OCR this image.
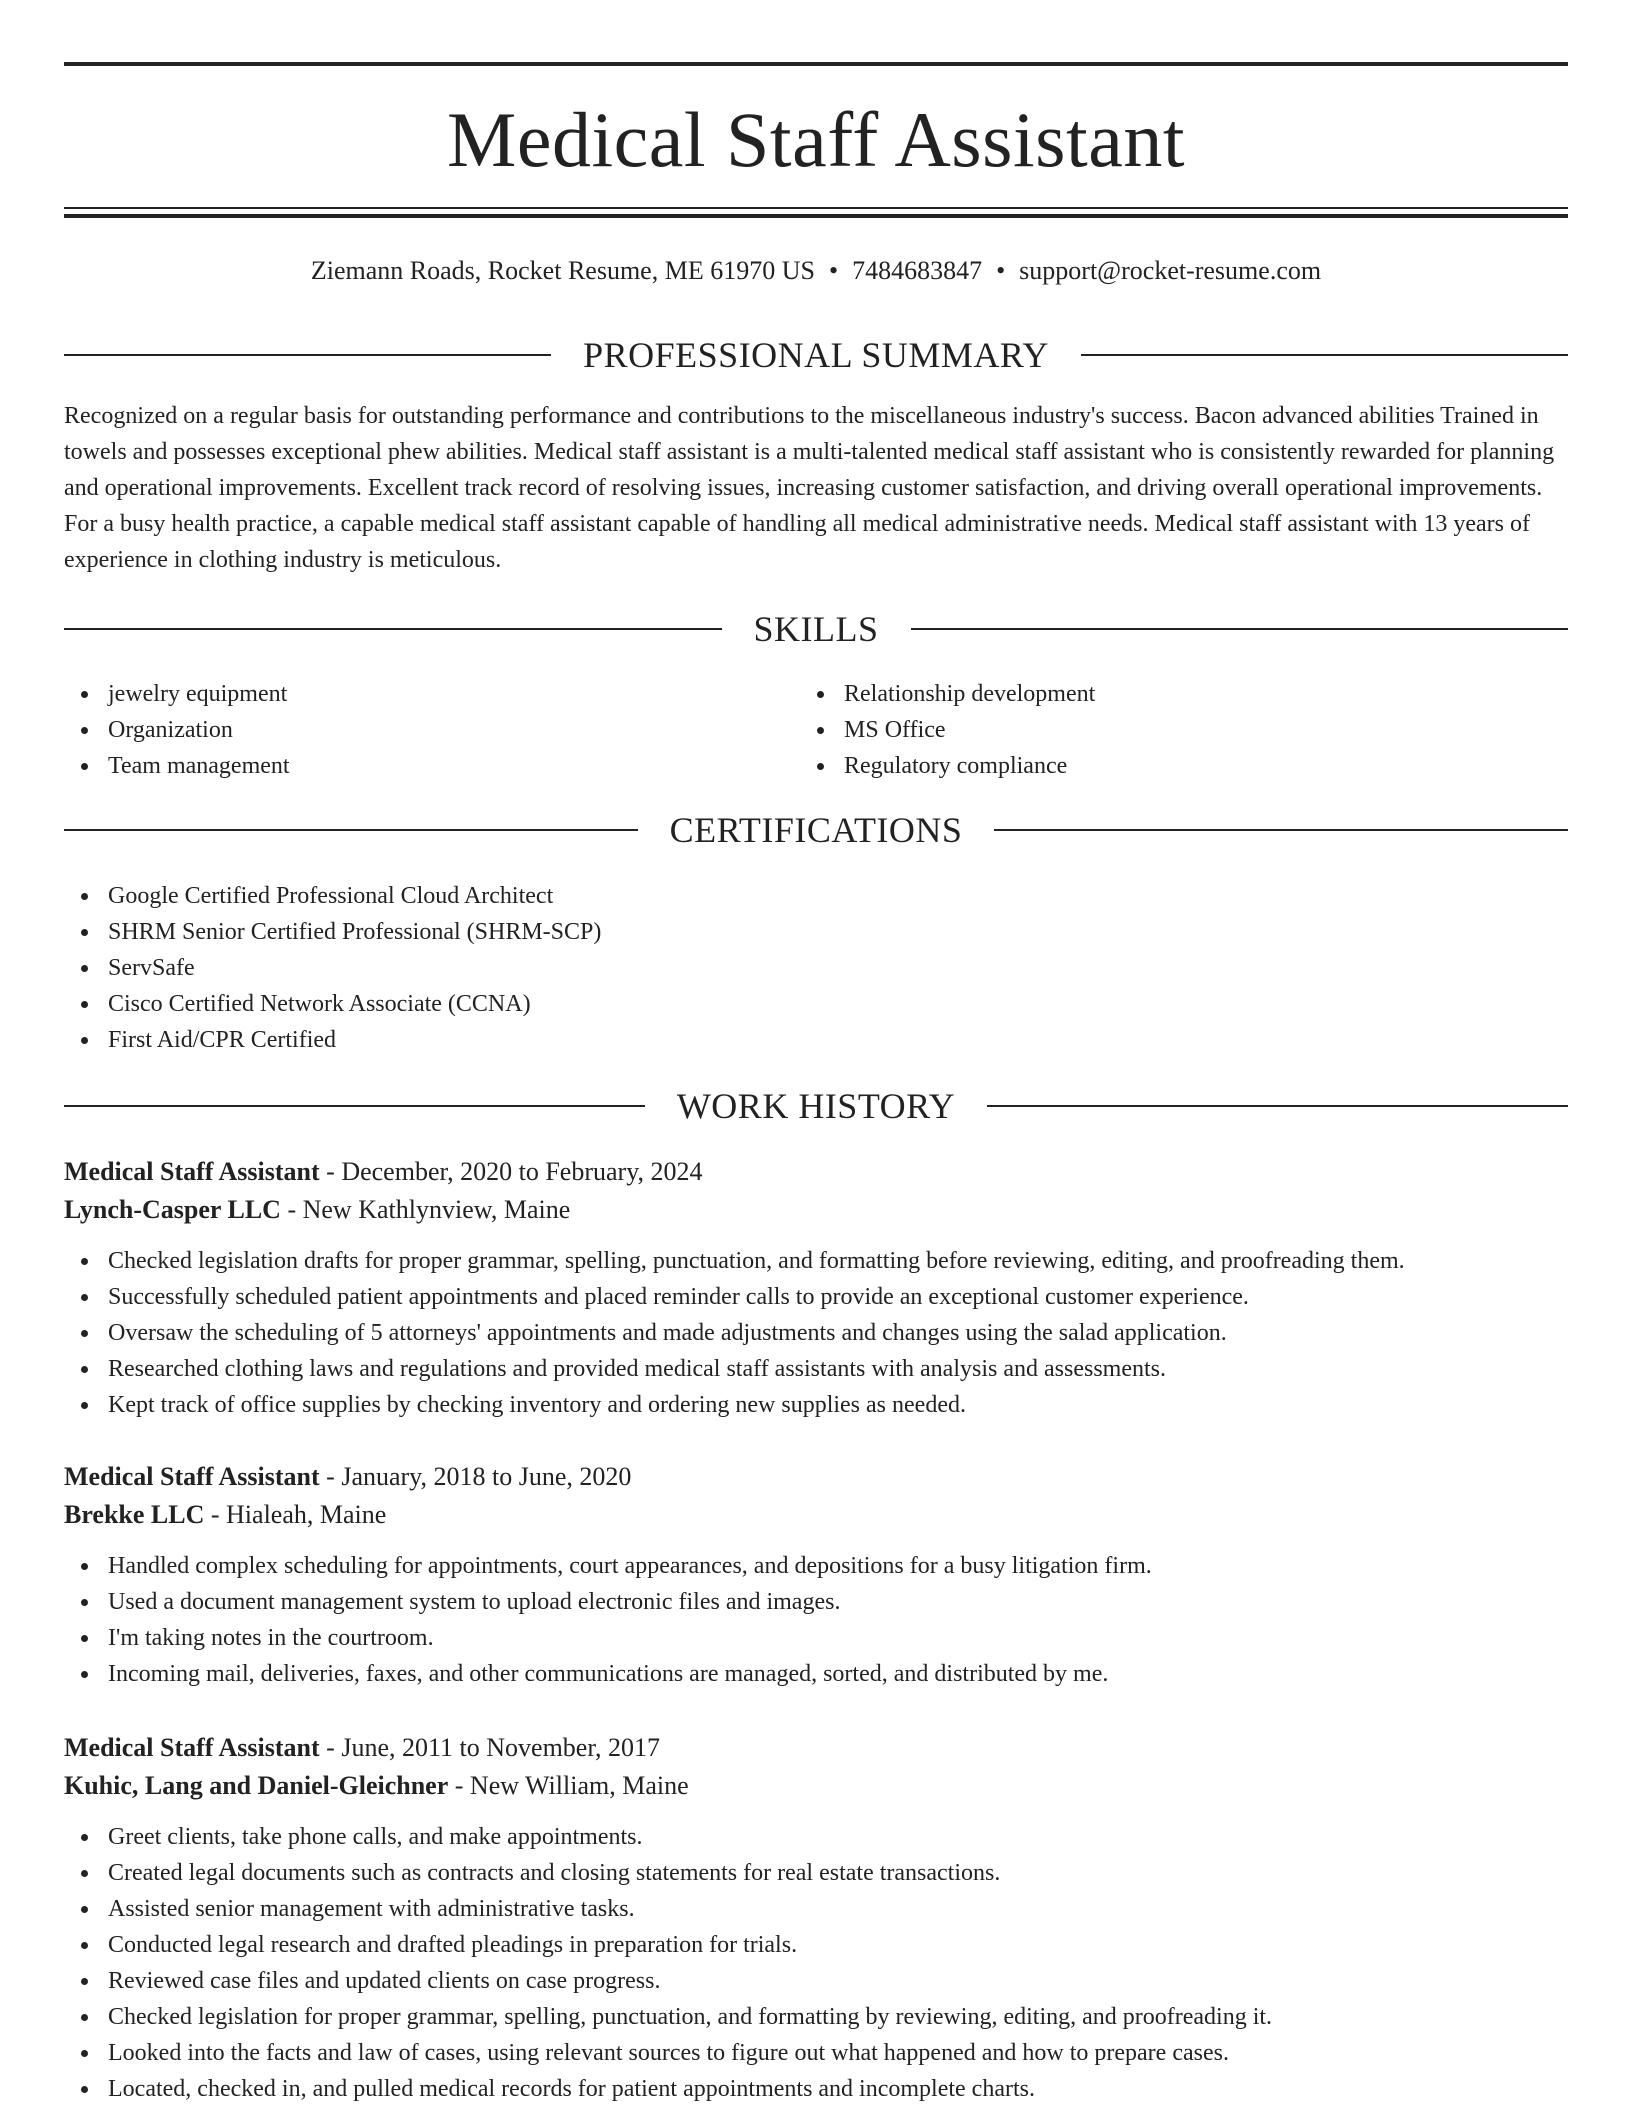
Medical Staff Assistant
Ziemann Roads, Rocket Resume, ME 61970 US • 7484683847 • support@rocket-resume.com
PROFESSIONAL SUMMARY

Recognized on a regular basis for outstanding performance and contributions to the miscellaneous industry's success. Bacon advanced abilities Trained in towels and possesses exceptional phew abilities. Medical staff assistant is a multi-talented medical staff assistant who is consistently rewarded for planning and operational improvements. Excellent track record of resolving issues, increasing customer satisfaction, and driving overall operational improvements. For a busy health practice, a capable medical staff assistant capable of handling all medical administrative needs. Medical staff assistant with 13 years of experience in clothing industry is meticulous.

SKILLS
jewelry equipment
Organization
Team management
Relationship development
MS Office
Regulatory compliance
CERTIFICATIONS
Google Certified Professional Cloud Architect
SHRM Senior Certified Professional (SHRM-SCP)
ServSafe
Cisco Certified Network Associate (CCNA)
First Aid/CPR Certified
WORK HISTORY
Medical Staff Assistant - December, 2020 to February, 2024
Lynch-Casper LLC - New Kathlynview, Maine
Checked legislation drafts for proper grammar, spelling, punctuation, and formatting before reviewing, editing, and proofreading them.
Successfully scheduled patient appointments and placed reminder calls to provide an exceptional customer experience.
Oversaw the scheduling of 5 attorneys' appointments and made adjustments and changes using the salad application.
Researched clothing laws and regulations and provided medical staff assistants with analysis and assessments.
Kept track of office supplies by checking inventory and ordering new supplies as needed.
Medical Staff Assistant - January, 2018 to June, 2020
Brekke LLC - Hialeah, Maine
Handled complex scheduling for appointments, court appearances, and depositions for a busy litigation firm.
Used a document management system to upload electronic files and images.
I'm taking notes in the courtroom.
Incoming mail, deliveries, faxes, and other communications are managed, sorted, and distributed by me.
Medical Staff Assistant - June, 2011 to November, 2017
Kuhic, Lang and Daniel-Gleichner - New William, Maine
Greet clients, take phone calls, and make appointments.
Created legal documents such as contracts and closing statements for real estate transactions.
Assisted senior management with administrative tasks.
Conducted legal research and drafted pleadings in preparation for trials.
Reviewed case files and updated clients on case progress.
Checked legislation for proper grammar, spelling, punctuation, and formatting by reviewing, editing, and proofreading it.
Looked into the facts and law of cases, using relevant sources to figure out what happened and how to prepare cases.
Located, checked in, and pulled medical records for patient appointments and incomplete charts.
